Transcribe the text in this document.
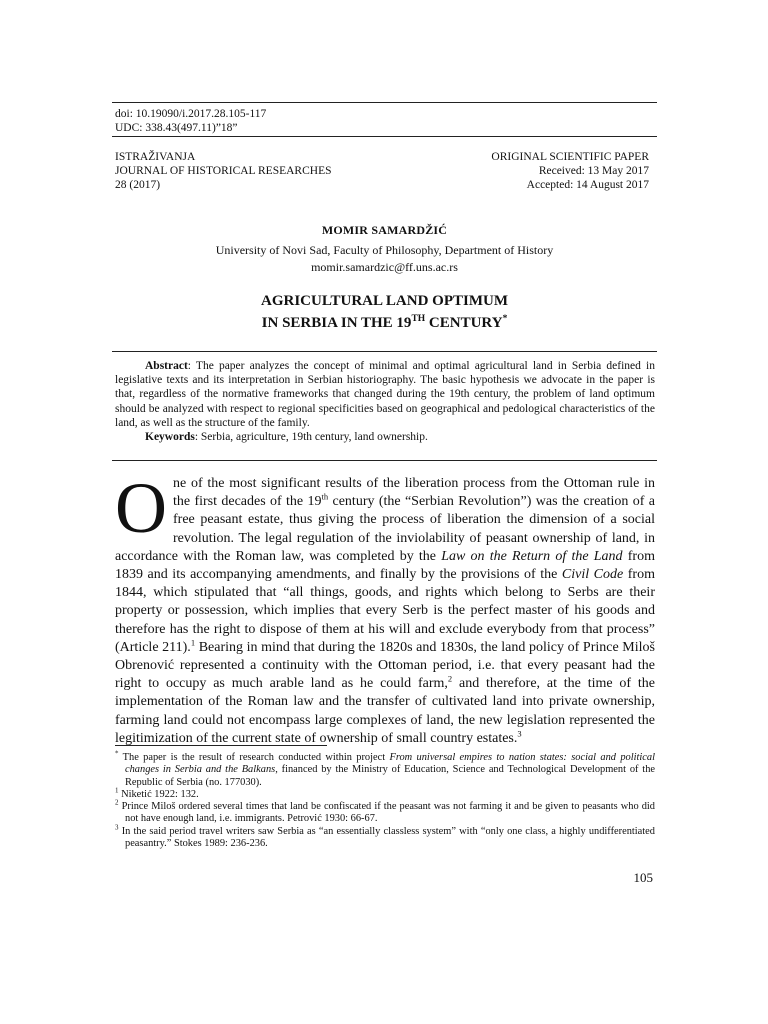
doi: 10.19090/i.2017.28.105-117
UDC: 338.43(497.11)”18”
ISTRAŽIVANJA
JOURNAL OF HISTORICAL RESEARCHES
28 (2017)
ORIGINAL SCIENTIFIC PAPER
Received: 13 May 2017
Accepted: 14 August 2017
MOMIR SAMARDŽIĆ
University of Novi Sad, Faculty of Philosophy, Department of History
momir.samardzic@ff.uns.ac.rs
AGRICULTURAL LAND OPTIMUM
IN SERBIA IN THE 19TH CENTURY*

Abstract: The paper analyzes the concept of minimal and optimal agricultural land in Serbia defined in legislative texts and its interpretation in Serbian historiography. The basic hypothesis we advocate in the paper is that, regardless of the normative frameworks that changed during the 19th century, the problem of land optimum should be analyzed with respect to regional specificities based on geographical and pedological characteristics of the land, as well as the structure of the family.

Keywords: Serbia, agriculture, 19th century, land ownership.

One of the most significant results of the liberation process from the Ottoman rule in the first decades of the 19th century (the “Serbian Revolution”) was the creation of a free peasant estate, thus giving the process of liberation the dimension of a social revolution. The legal regulation of the inviolability of peasant ownership of land, in accordance with the Roman law, was completed by the Law on the Return of the Land from 1839 and its accompanying amendments, and finally by the provisions of the Civil Code from 1844, which stipulated that “all things, goods, and rights which belong to Serbs are their property or possession, which implies that every Serb is the perfect master of his goods and therefore has the right to dispose of them at his will and exclude everybody from that process” (Article 211).$^1$ Bearing in mind that during the 1820s and 1830s, the land policy of Prince Miloš Obrenović represented a continuity with the Ottoman period, i.e. that every peasant had the right to occupy as much arable land as he could farm,$^2$ and therefore, at the time of the implementation of the Roman law and the transfer of cultivated land into private ownership, farming land could not encompass large complexes of land, the new legislation represented the legitimization of the current state of ownership of small country estates.$^3$

* The paper is the result of research conducted within project From universal empires to nation states: social and political changes in Serbia and the Balkans, financed by the Ministry of Education, Science and Technological Development of the Republic of Serbia (no. 177030).

$^1$ Niketić 1922: 132.

$^2$ Prince Miloš ordered several times that land be confiscated if the peasant was not farming it and be given to peasants who did not have enough land, i.e. immigrants. Petrović 1930: 66-67.

$^3$ In the said period travel writers saw Serbia as “an essentially classless system” with “only one class, a highly undifferentiated peasantry.” Stokes 1989: 236-236.

105
